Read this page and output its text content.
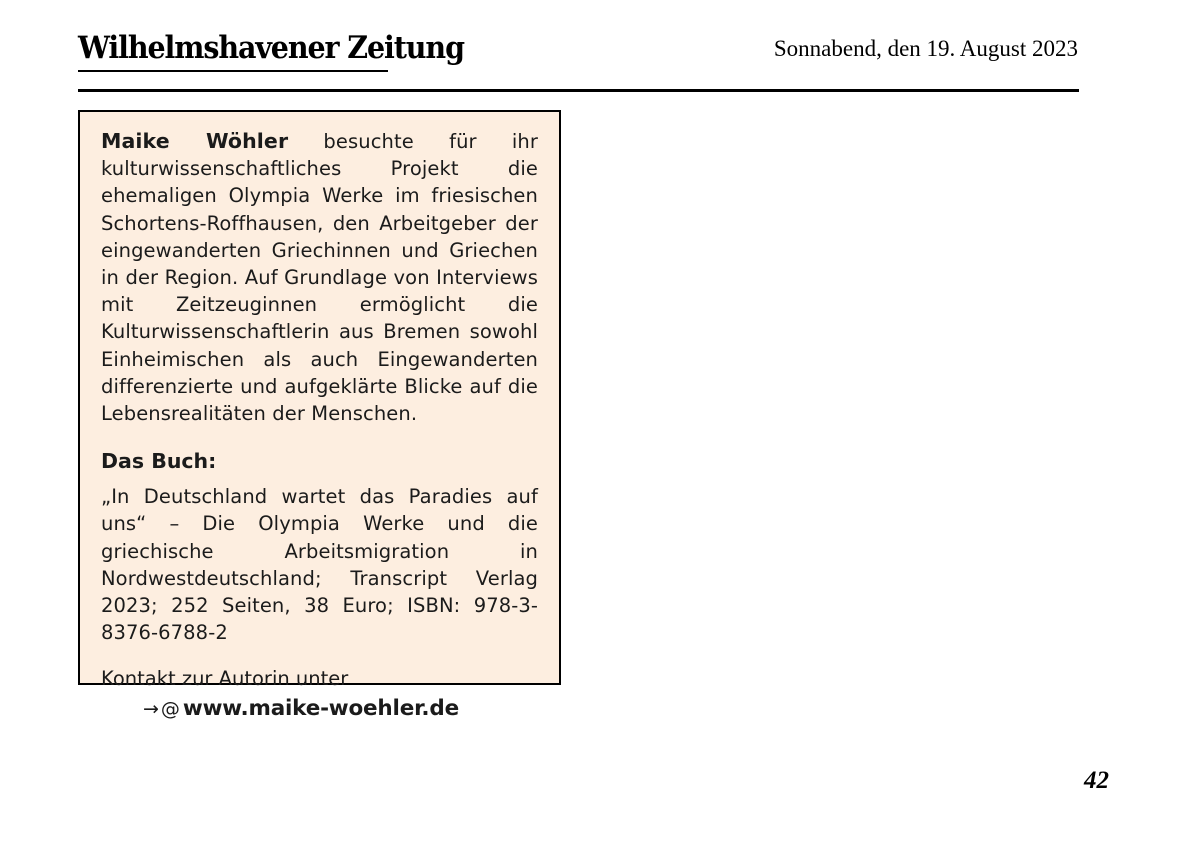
Wilhelmshavener Zeitung	Sonnabend, den 19. August 2023

Maike Wöhler besuchte für ihr kulturwissenschaftliches Projekt die ehemaligen Olympia Werke im friesischen Schortens-Roffhausen, den Arbeitgeber der eingewanderten Griechinnen und Griechen in der Region. Auf Grundlage von Interviews mit Zeitzeuginnen ermöglicht die Kulturwissenschaftlerin aus Bremen sowohl Einheimischen als auch Eingewanderten differenzierte und aufgeklärte Blicke auf die Lebensrealitäten der Menschen.

Das Buch:

„In Deutschland wartet das Paradies auf uns“ – Die Olympia Werke und die griechische Arbeitsmigration in Nordwestdeutschland; Transcript Verlag 2023; 252 Seiten, 38 Euro; ISBN: 978-3-8376-6788-2

Kontakt zur Autorin unter

→ @ www.maike-woehler.de
42
